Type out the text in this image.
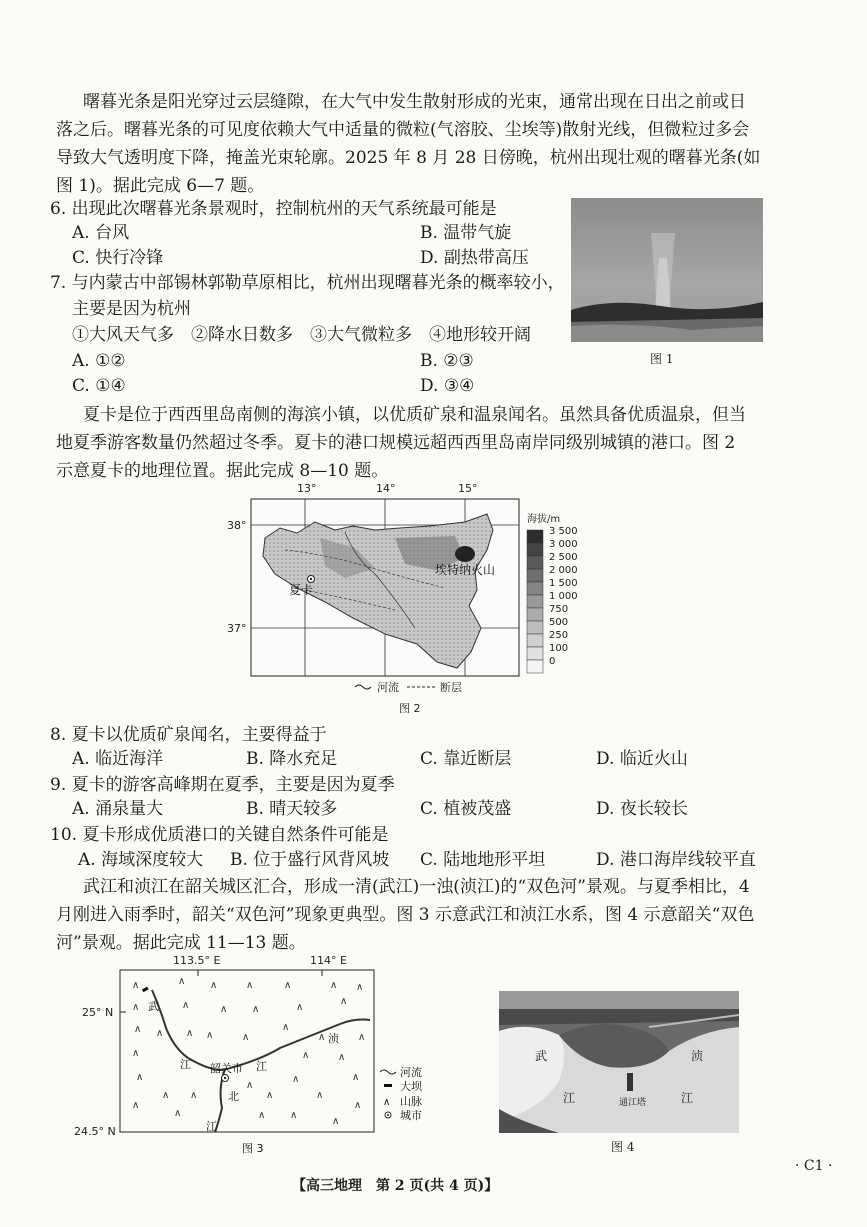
曙暮光条是阳光穿过云层缝隙，在大气中发生散射形成的光束，通常出现在日出之前或日
落之后。曙暮光条的可见度依赖大气中适量的微粒(气溶胶、尘埃等)散射光线，但微粒过多会
导致大气透明度下降，掩盖光束轮廓。2025 年 8 月 28 日傍晚，杭州出现壮观的曙暮光条(如
图 1)。据此完成 6—7 题。
6. 出现此次曙暮光条景观时，控制杭州的天气系统最可能是
A. 台风	B. 温带气旋
C. 快行冷锋	D. 副热带高压
7. 与内蒙古中部锡林郭勒草原相比，杭州出现曙暮光条的概率较小，
主要是因为杭州
①大风天气多　②降水日数多　③大气微粒多　④地形较开阔
A. ①②	B. ②③
C. ①④	D. ③④
图 1
夏卡是位于西西里岛南侧的海滨小镇，以优质矿泉和温泉闻名。虽然具备优质温泉，但当
地夏季游客数量仍然超过冬季。夏卡的港口规模远超西西里岛南岸同级别城镇的港口。图 2
示意夏卡的地理位置。据此完成 8—10 题。
13°	14°	15°
38°
37°
夏卡
埃特纳火山
海拔/m
3 500
3 000
2 500
2 000
1 500
1 000
750
500
250
100
0
河流	断层
图 2
8. 夏卡以优质矿泉闻名，主要得益于
A. 临近海洋	B. 降水充足	C. 靠近断层	D. 临近火山
9. 夏卡的游客高峰期在夏季，主要是因为夏季
A. 涌泉量大	B. 晴天较多	C. 植被茂盛	D. 夜长较长
10. 夏卡形成优质港口的关键自然条件可能是
A. 海域深度较大 B. 位于盛行风背风坡 C. 陆地地形平坦	D. 港口海岸线较平直
武江和浈江在韶关城区汇合，形成一清(武江)一浊(浈江)的“双色河”景观。与夏季相比，4
月刚进入雨季时，韶关“双色河”现象更典型。图 3 示意武江和浈江水系，图 4 示意韶关“双色
河”景观。据此完成 11—13 题。
113.5° E	114° E
25° N
24.5° N
∧
∧
∧
∧
∧
∧
∧
∧
∧
∧
∧
∧
∧
∧
∧
∧
∧
∧
∧
∧
∧
∧
∧
∧
∧
∧
∧
∧
∧
∧
∧
∧
∧
∧
∧
∧
∧
∧
武
江 韶关市 江
浈
北
江
河流
大坝
∧ 山脉
城市
图 3
武
江
浈
江
通江塔
图 4
【高三地理　第 2 页(共 4 页)】
· C1 ·
